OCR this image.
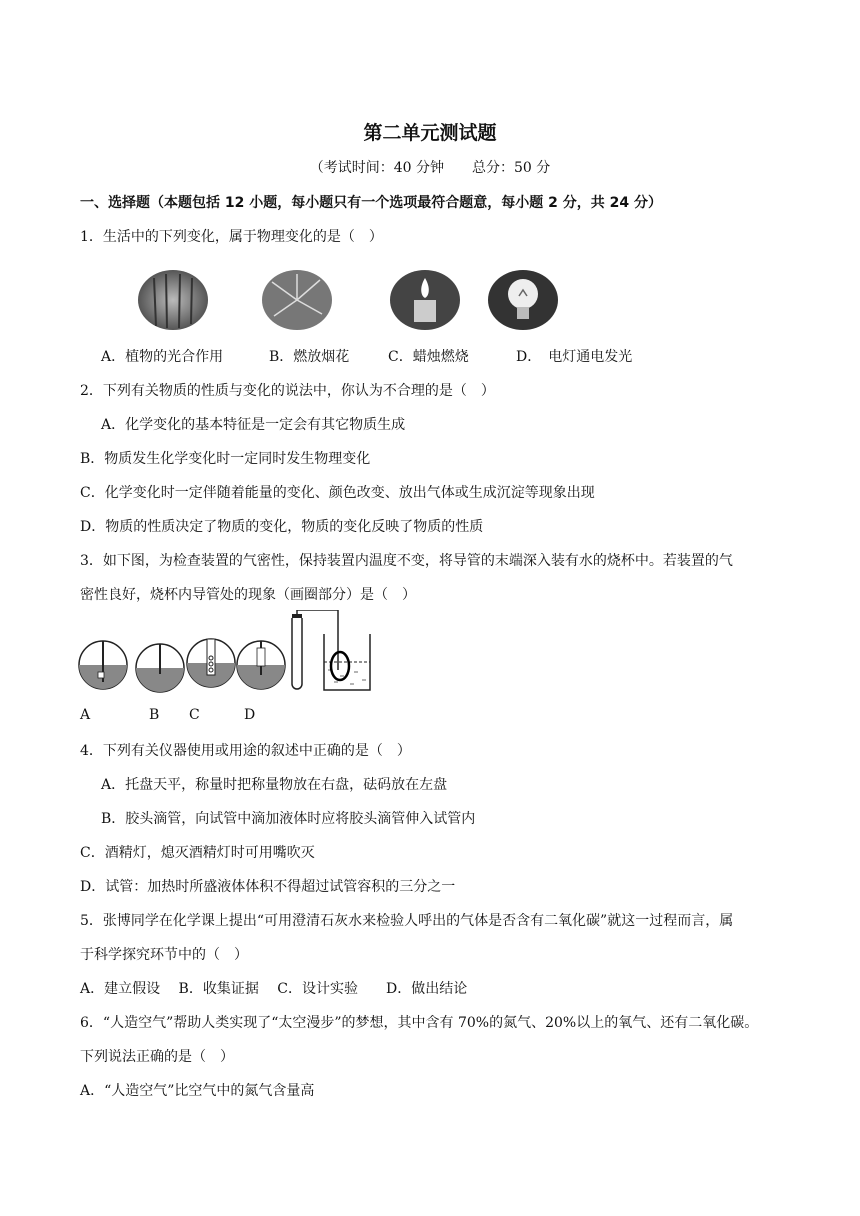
第二单元测试题
（考试时间：40 分钟　　总分：50 分
一、选择题（本题包括 12 小题，每小题只有一个选项最符合题意，每小题 2 分，共 24 分）
1．生活中的下列变化，属于物理变化的是（　）
A．植物的光合作用	B．燃放烟花	C．蜡烛燃烧	D．　电灯通电发光
2．下列有关物质的性质与变化的说法中，你认为不合理的是（　）
A．化学变化的基本特征是一定会有其它物质生成
B．物质发生化学变化时一定同时发生物理变化
C．化学变化时一定伴随着能量的变化、颜色改变、放出气体或生成沉淀等现象出现
D．物质的性质决定了物质的变化，物质的变化反映了物质的性质
3．如下图，为检查装置的气密性，保持装置内温度不变，将导管的末端深入装有水的烧杯中。若装置的气
密性良好，烧杯内导管处的现象（画圈部分）是（　）
A	B C	D
4．下列有关仪器使用或用途的叙述中正确的是（　）
A．托盘天平，称量时把称量物放在右盘，砝码放在左盘
B．胶头滴管，向试管中滴加液体时应将胶头滴管伸入试管内
C．酒精灯，熄灭酒精灯时可用嘴吹灭
D．试管：加热时所盛液体体积不得超过试管容积的三分之一
5．张博同学在化学课上提出“可用澄清石灰水来检验人呼出的气体是否含有二氧化碳”就这一过程而言，属
于科学探究环节中的（　）
A．建立假设　 B．收集证据　 C．设计实验　　D．做出结论
6．“人造空气”帮助人类实现了“太空漫步”的梦想，其中含有 70%的氮气、20%以上的氧气、还有二氧化碳。
下列说法正确的是（　）
A．“人造空气”比空气中的氮气含量高
